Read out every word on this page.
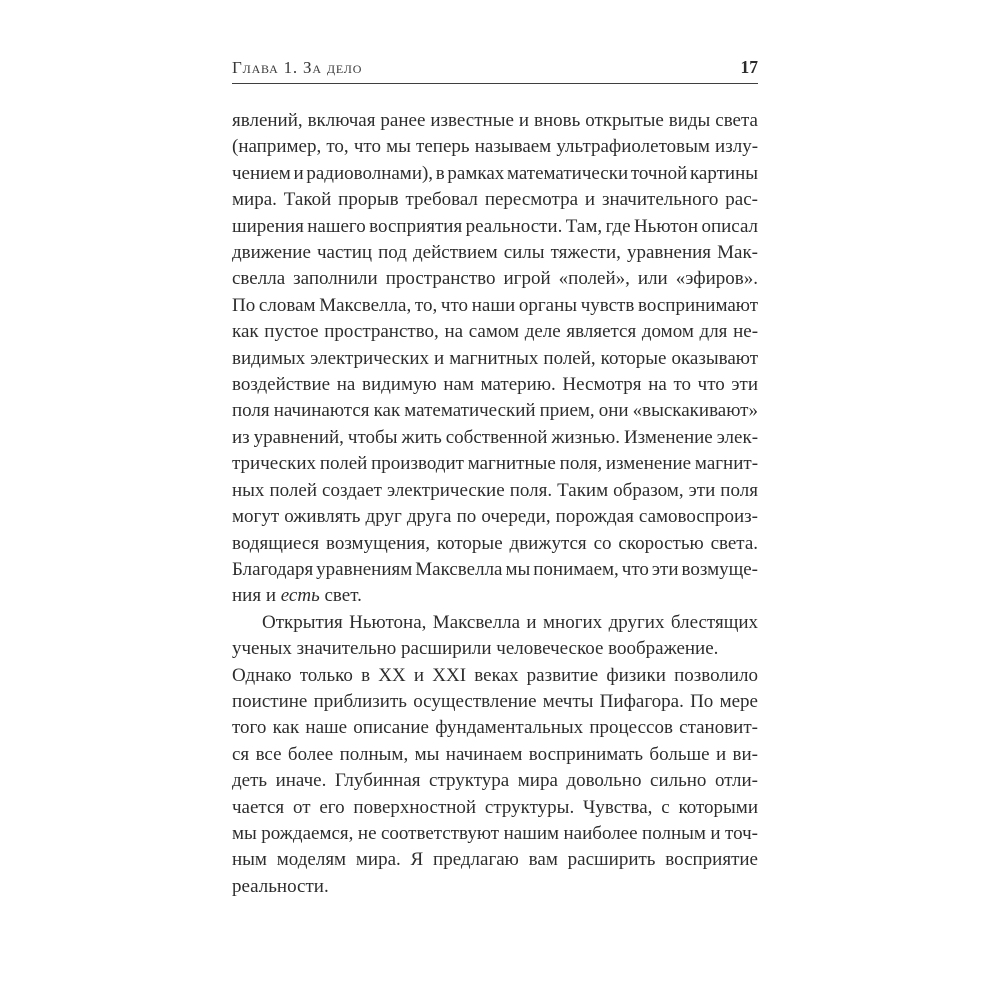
Глава 1. За дело	17
явлений, включая ранее известные и вновь открытые виды света
(например, то, что мы теперь называем ультрафиолетовым излу-
чением и радиоволнами), в рамках математически точной картины
мира. Такой прорыв требовал пересмотра и значительного рас-
ширения нашего восприятия реальности. Там, где Ньютон описал
движение частиц под действием силы тяжести, уравнения Мак-
свелла заполнили пространство игрой «полей», или «эфиров».
По словам Максвелла, то, что наши органы чувств воспринимают
как пустое пространство, на самом деле является домом для не-
видимых электрических и магнитных полей, которые оказывают
воздействие на видимую нам материю. Несмотря на то что эти
поля начинаются как математический прием, они «выскакивают»
из уравнений, чтобы жить собственной жизнью. Изменение элек-
трических полей производит магнитные поля, изменение магнит-
ных полей создает электрические поля. Таким образом, эти поля
могут оживлять друг друга по очереди, порождая самовоспроиз-
водящиеся возмущения, которые движутся со скоростью света.
Благодаря уравнениям Максвелла мы понимаем, что эти возмуще-
ния и есть свет.
Открытия Ньютона, Максвелла и многих других блестящих
ученых значительно расширили человеческое воображение.
Однако только в XX и XXI веках развитие физики позволило
поистине приблизить осуществление мечты Пифагора. По мере
того как наше описание фундаментальных процессов становит-
ся все более полным, мы начинаем воспринимать больше и ви-
деть иначе. Глубинная структура мира довольно сильно отли-
чается от его поверхностной структуры. Чувства, с которыми
мы рождаемся, не соответствуют нашим наиболее полным и точ-
ным моделям мира. Я предлагаю вам расширить восприятие
реальности.
